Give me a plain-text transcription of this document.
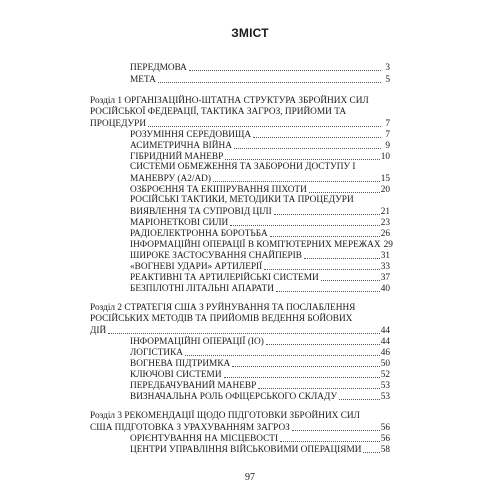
ЗМІСТ
ПЕРЕДМОВА	3
МЕТА	5
Розділ 1 ОРГАНІЗАЦІЙНО-ШТАТНА СТРУКТУРА ЗБРОЙНИХ СИЛ
РОСІЙСЬКОЇ ФЕДЕРАЦІЇ, ТАКТИКА ЗАГРОЗ, ПРИЙОМИ ТА
ПРОЦЕДУРИ	7
РОЗУМІННЯ СЕРЕДОВИЩА	7
АСИМЕТРИЧНА ВІЙНА	9
ГІБРИДНИЙ МАНЕВР	10
СИСТЕМИ ОБМЕЖЕННЯ ТА ЗАБОРОНИ ДОСТУПУ І
МАНЕВРУ (A2/AD)	15
ОЗБРОЄННЯ ТА ЕКІПІРУВАННЯ ПІХОТИ	20
РОСІЙСЬКІ ТАКТИКИ, МЕТОДИКИ ТА ПРОЦЕДУРИ
ВИЯВЛЕННЯ ТА СУПРОВІД ЦІЛІ	21
МАРІОНЕТКОВІ СИЛИ	23
РАДІОЕЛЕКТРОННА БОРОТЬБА	26
ІНФОРМАЦІЙНІ ОПЕРАЦІЇ В КОМП'ЮТЕРНИХ МЕРЕЖАХ 29
ШИРОКЕ ЗАСТОСУВАННЯ СНАЙПЕРІВ	31
«ВОГНЕВІ УДАРИ» АРТИЛЕРІЇ	33
РЕАКТИВНІ ТА АРТИЛЕРІЙСЬКІ СИСТЕМИ	37
БЕЗПІЛОТНІ ЛІТАЛЬНІ АПАРАТИ	40
Розділ 2 СТРАТЕГІЯ США З РУЙНУВАННЯ ТА ПОСЛАБЛЕННЯ
РОСІЙСЬКИХ МЕТОДІВ ТА ПРИЙОМІВ ВЕДЕННЯ БОЙОВИХ
ДІЙ	44
ІНФОРМАЦІЙНІ ОПЕРАЦІЇ (IO)	44
ЛОГІСТИКА	46
ВОГНЕВА ПІДТРИМКА	50
КЛЮЧОВІ СИСТЕМИ	52
ПЕРЕДБАЧУВАНИЙ МАНЕВР	53
ВИЗНАЧАЛЬНА РОЛЬ ОФІЦЕРСЬКОГО СКЛАДУ	53
Розділ 3 РЕКОМЕНДАЦІЇ ЩОДО ПІДГОТОВКИ ЗБРОЙНИХ СИЛ
США ПІДГОТОВКА З УРАХУВАННЯМ ЗАГРОЗ	56
ОРІЄНТУВАННЯ НА МІСЦЕВОСТІ	56
ЦЕНТРИ УПРАВЛІННЯ ВІЙСЬКОВИМИ ОПЕРАЦІЯМИ 58
97
